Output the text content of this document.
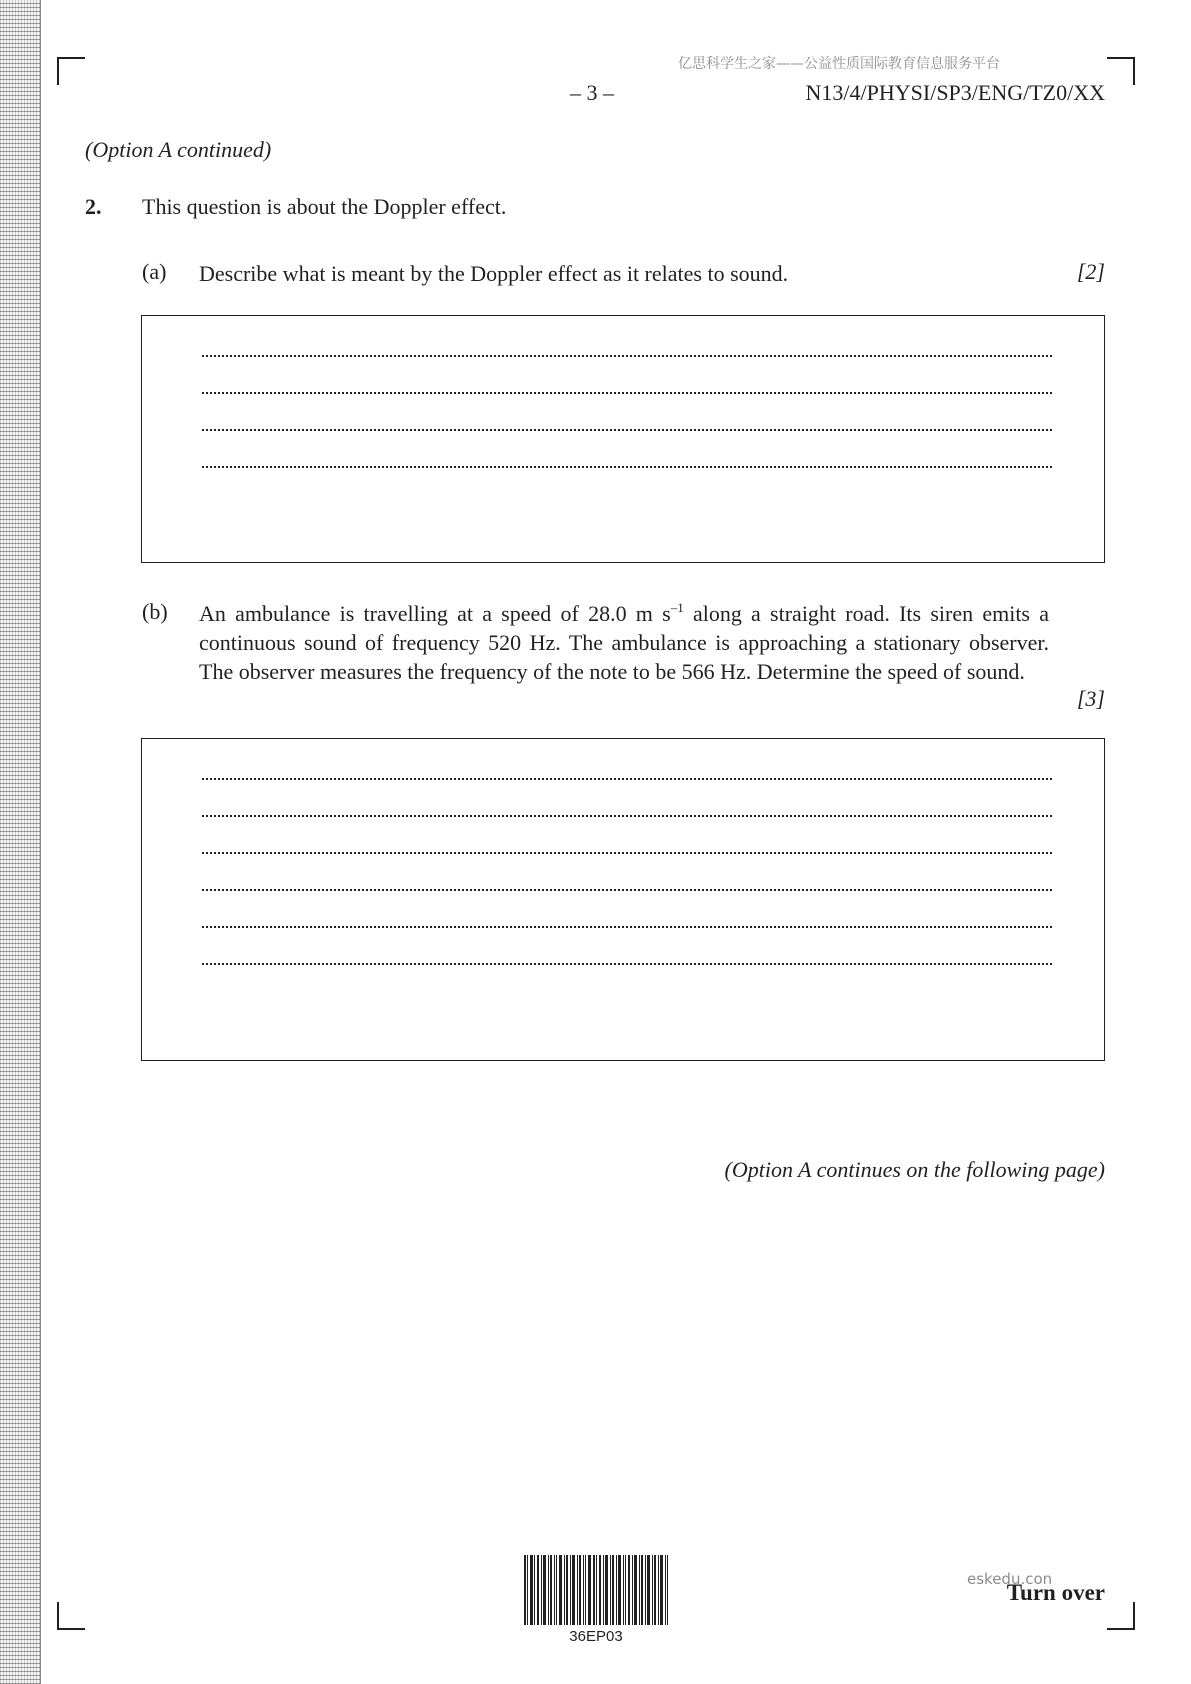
亿思科学生之家——公益性质国际教育信息服务平台
– 3 –	N13/4/PHYSI/SP3/ENG/TZ0/XX
(Option A continued)
2. This question is about the Doppler effect.
(a) Describe what is meant by the Doppler effect as it relates to sound.	[2]
(b) An ambulance is travelling at a speed of 28.0 m $s^{-1}$ along a straight road. Its siren emits a continuous sound of frequency 520 Hz. The ambulance is approaching a stationary observer. The observer measures the frequency of the note to be 566 Hz. Determine the speed of sound.
[3]
(Option A continues on the following page)
36EP03
eskedu.con
Turn over
